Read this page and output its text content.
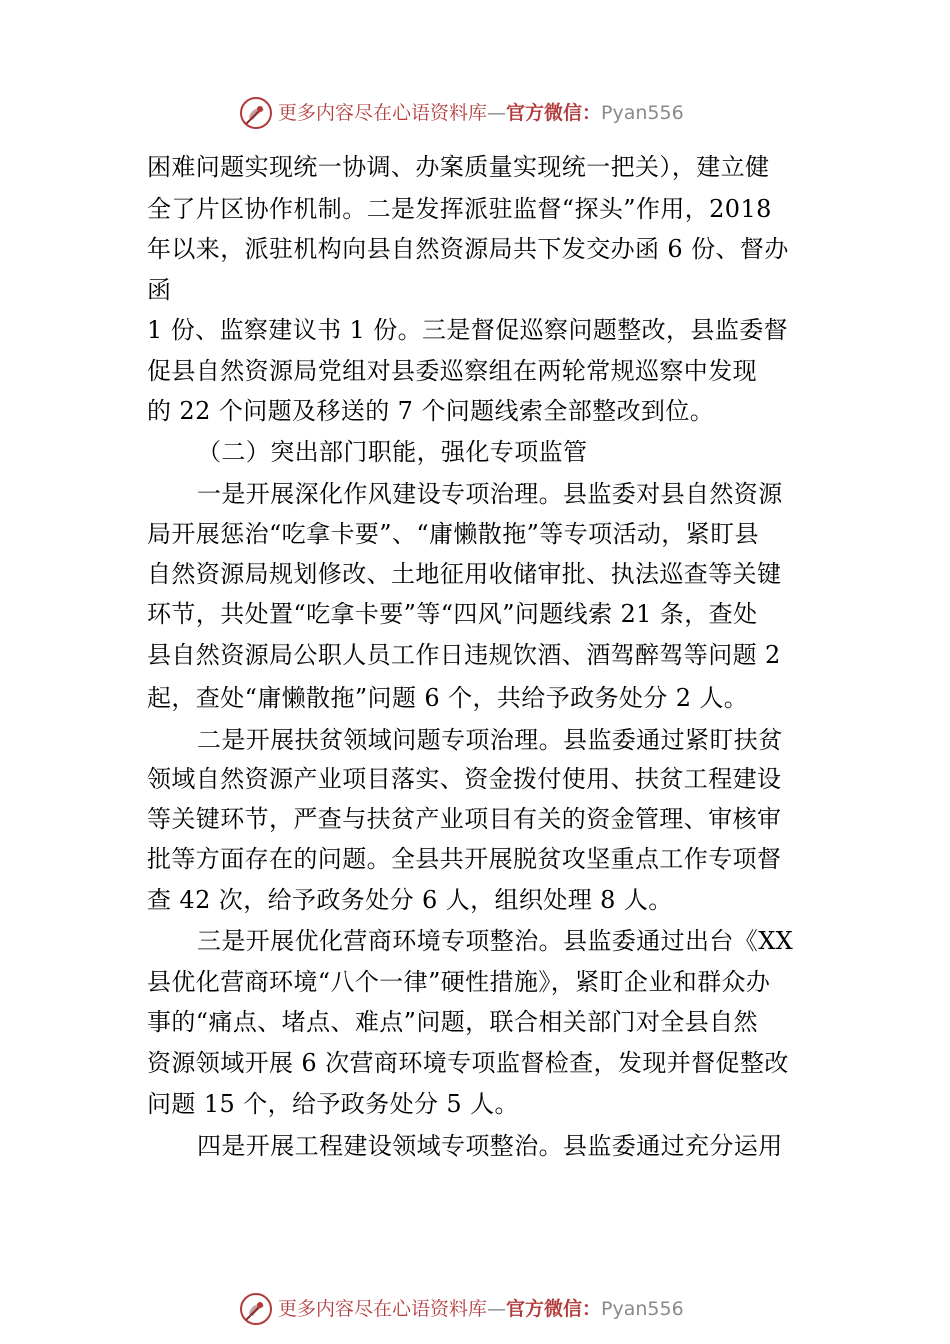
更多内容尽在心语资料库—官方微信：Pyan556
困难问题实现统一协调、办案质量实现统一把关），建立健
全了片区协作机制。二是发挥派驻监督“探头”作用，2018
年以来，派驻机构向县自然资源局共下发交办函 6 份、督办
函
1 份、监察建议书 1 份。三是督促巡察问题整改，县监委督
促县自然资源局党组对县委巡察组在两轮常规巡察中发现
的 22 个问题及移送的 7 个问题线索全部整改到位。
（二）突出部门职能，强化专项监管
一是开展深化作风建设专项治理。县监委对县自然资源
局开展惩治“吃拿卡要”、“庸懒散拖”等专项活动，紧盯县
自然资源局规划修改、土地征用收储审批、执法巡查等关键
环节，共处置“吃拿卡要”等“四风”问题线索 21 条，查处
县自然资源局公职人员工作日违规饮酒、酒驾醉驾等问题 2
起，查处“庸懒散拖”问题 6 个，共给予政务处分 2 人。
二是开展扶贫领域问题专项治理。县监委通过紧盯扶贫
领域自然资源产业项目落实、资金拨付使用、扶贫工程建设
等关键环节，严查与扶贫产业项目有关的资金管理、审核审
批等方面存在的问题。全县共开展脱贫攻坚重点工作专项督
查 42 次，给予政务处分 6 人，组织处理 8 人。
三是开展优化营商环境专项整治。县监委通过出台《XX
县优化营商环境“八个一律”硬性措施》，紧盯企业和群众办
事的“痛点、堵点、难点”问题，联合相关部门对全县自然
资源领域开展 6 次营商环境专项监督检查，发现并督促整改
问题 15 个，给予政务处分 5 人。
四是开展工程建设领域专项整治。县监委通过充分运用
更多内容尽在心语资料库—官方微信：Pyan556
